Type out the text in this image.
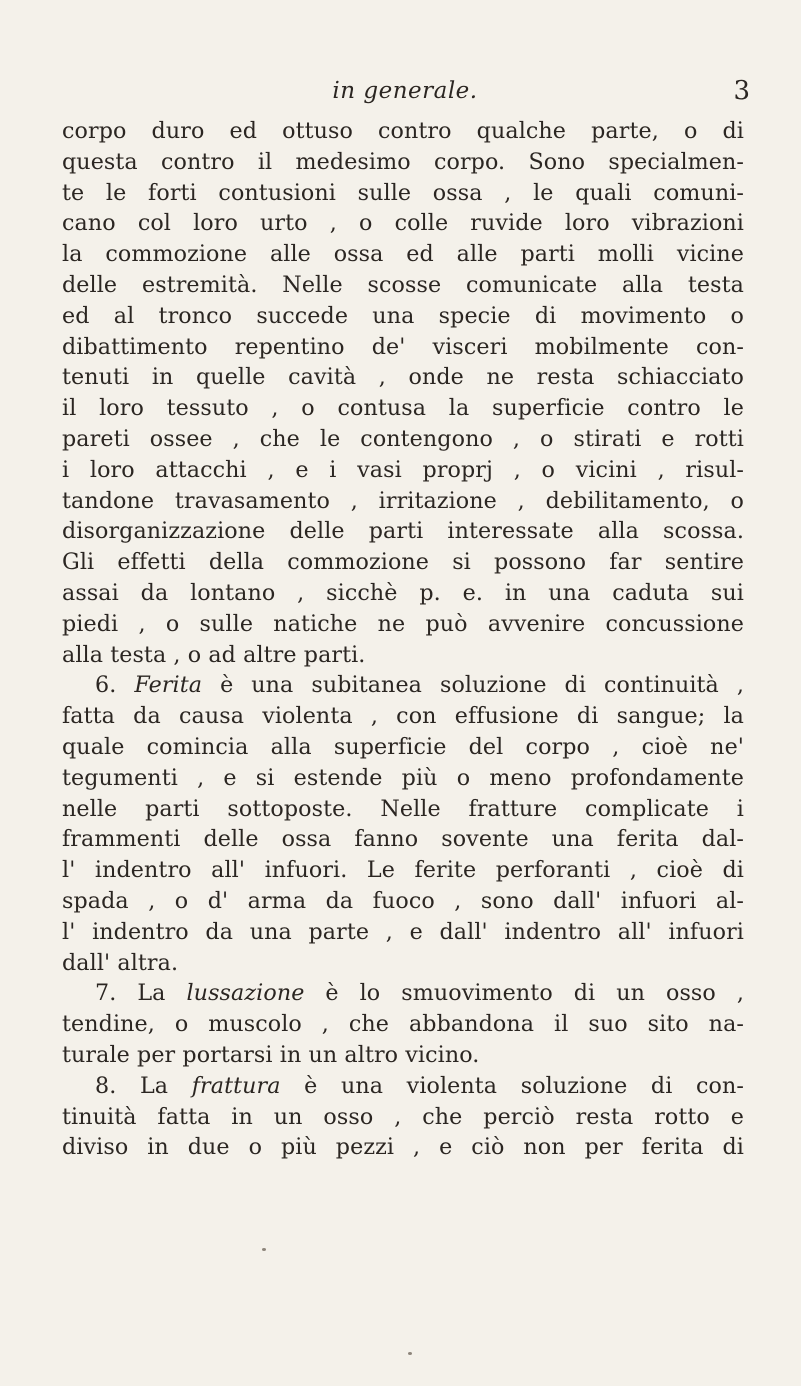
in generale.	3
corpo duro ed ottuso contro qualche parte, o di
questa contro il medesimo corpo. Sono specialmen-
te le forti contusioni sulle ossa , le quali comuni-
cano col loro urto , o colle ruvide loro vibrazioni
la commozione alle ossa ed alle parti molli vicine
delle estremità. Nelle scosse comunicate alla testa
ed al tronco succede una specie di movimento o
dibattimento repentino de' visceri mobilmente con-
tenuti in quelle cavità , onde ne resta schiacciato
il loro tessuto , o contusa la superficie contro le
pareti ossee , che le contengono , o stirati e rotti
i loro attacchi , e i vasi proprj , o vicini , risul-
tandone travasamento , irritazione , debilitamento, o
disorganizzazione delle parti interessate alla scossa.
Gli effetti della commozione si possono far sentire
assai da lontano , sicchè p. e. in una caduta sui
piedi , o sulle natiche ne può avvenire concussione
alla testa , o ad altre parti.
6. Ferita è una subitanea soluzione di continuità ,
fatta da causa violenta , con effusione di sangue; la
quale comincia alla superficie del corpo , cioè ne'
tegumenti , e si estende più o meno profondamente
nelle parti sottoposte. Nelle fratture complicate i
frammenti delle ossa fanno sovente una ferita dal-
l' indentro all' infuori. Le ferite perforanti , cioè di
spada , o d' arma da fuoco , sono dall' infuori al-
l' indentro da una parte , e dall' indentro all' infuori
dall' altra.
7. La lussazione è lo smuovimento di un osso ,
tendine, o muscolo , che abbandona il suo sito na-
turale per portarsi in un altro vicino.
8. La frattura è una violenta soluzione di con-
tinuità fatta in un osso , che perciò resta rotto e
diviso in due o più pezzi , e ciò non per ferita di
